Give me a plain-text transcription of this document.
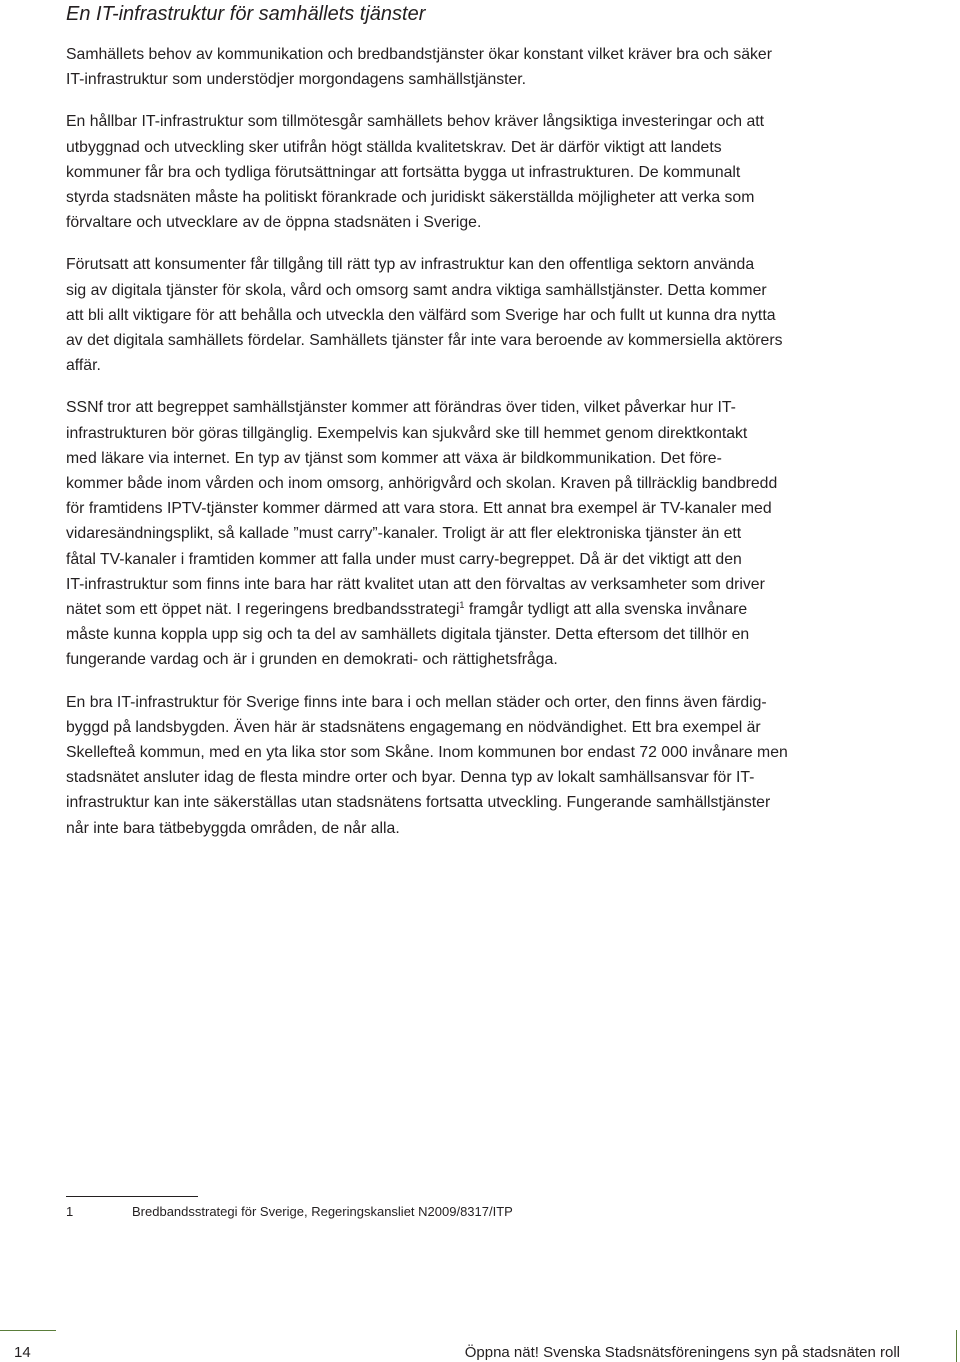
En IT-infrastruktur för samhällets tjänster

Samhällets behov av kommunikation och bredbandstjänster ökar konstant vilket kräver bra och säker

IT-infrastruktur som understödjer morgondagens samhällstjänster.

En hållbar IT-infrastruktur som tillmötesgår samhällets behov kräver långsiktiga investeringar och att

utbyggnad och utveckling sker utifrån högt ställda kvalitetskrav. Det är därför viktigt att landets

kommuner får bra och tydliga förutsättningar att fortsätta bygga ut infrastrukturen. De kommunalt

styrda stadsnäten måste ha politiskt förankrade och juridiskt säkerställda möjligheter att verka som

förvaltare och utvecklare av de öppna stadsnäten i Sverige.

Förutsatt att konsumenter får tillgång till rätt typ av infrastruktur kan den offentliga sektorn använda

sig av digitala tjänster för skola, vård och omsorg samt andra viktiga samhällstjänster. Detta kommer

att bli allt viktigare för att behålla och utveckla den välfärd som Sverige har och fullt ut kunna dra nytta

av det digitala samhällets fördelar. Samhällets tjänster får inte vara beroende av kommersiella aktörers

affär.

SSNf tror att begreppet samhällstjänster kommer att förändras över tiden, vilket påverkar hur IT-

infrastrukturen bör göras tillgänglig. Exempelvis kan sjukvård ske till hemmet genom direktkontakt

med läkare via internet. En typ av tjänst som kommer att växa är bildkommunikation. Det före-

kommer både inom vården och inom omsorg, anhörigvård och skolan. Kraven på tillräcklig bandbredd

för framtidens IPTV-tjänster kommer därmed att vara stora. Ett annat bra exempel är TV-kanaler med

vidaresändningsplikt, så kallade ”must carry”-kanaler. Troligt är att fler elektroniska tjänster än ett

fåtal TV-kanaler i framtiden kommer att falla under must carry-begreppet. Då är det viktigt att den

IT-infrastruktur som finns inte bara har rätt kvalitet utan att den förvaltas av verksamheter som driver

nätet som ett öppet nät. I regeringens bredbandsstrategi$^1$ framgår tydligt att alla svenska invånare

måste kunna koppla upp sig och ta del av samhällets digitala tjänster. Detta eftersom det tillhör en

fungerande vardag och är i grunden en demokrati- och rättighetsfråga.

En bra IT-infrastruktur för Sverige finns inte bara i och mellan städer och orter, den finns även färdig-

byggd på landsbygden. Även här är stadsnätens engagemang en nödvändighet. Ett bra exempel är

Skellefteå kommun, med en yta lika stor som Skåne. Inom kommunen bor endast 72 000 invånare men

stadsnätet ansluter idag de flesta mindre orter och byar. Denna typ av lokalt samhällsansvar för IT-

infrastruktur kan inte säkerställas utan stadsnätens fortsatta utveckling. Fungerande samhällstjänster

når inte bara tätbebyggda områden, de når alla.

1	Bredbandsstrategi för Sverige, Regeringskansliet N2009/8317/ITP
14	Öppna nät! Svenska Stadsnätsföreningens syn på stadsnäten roll
